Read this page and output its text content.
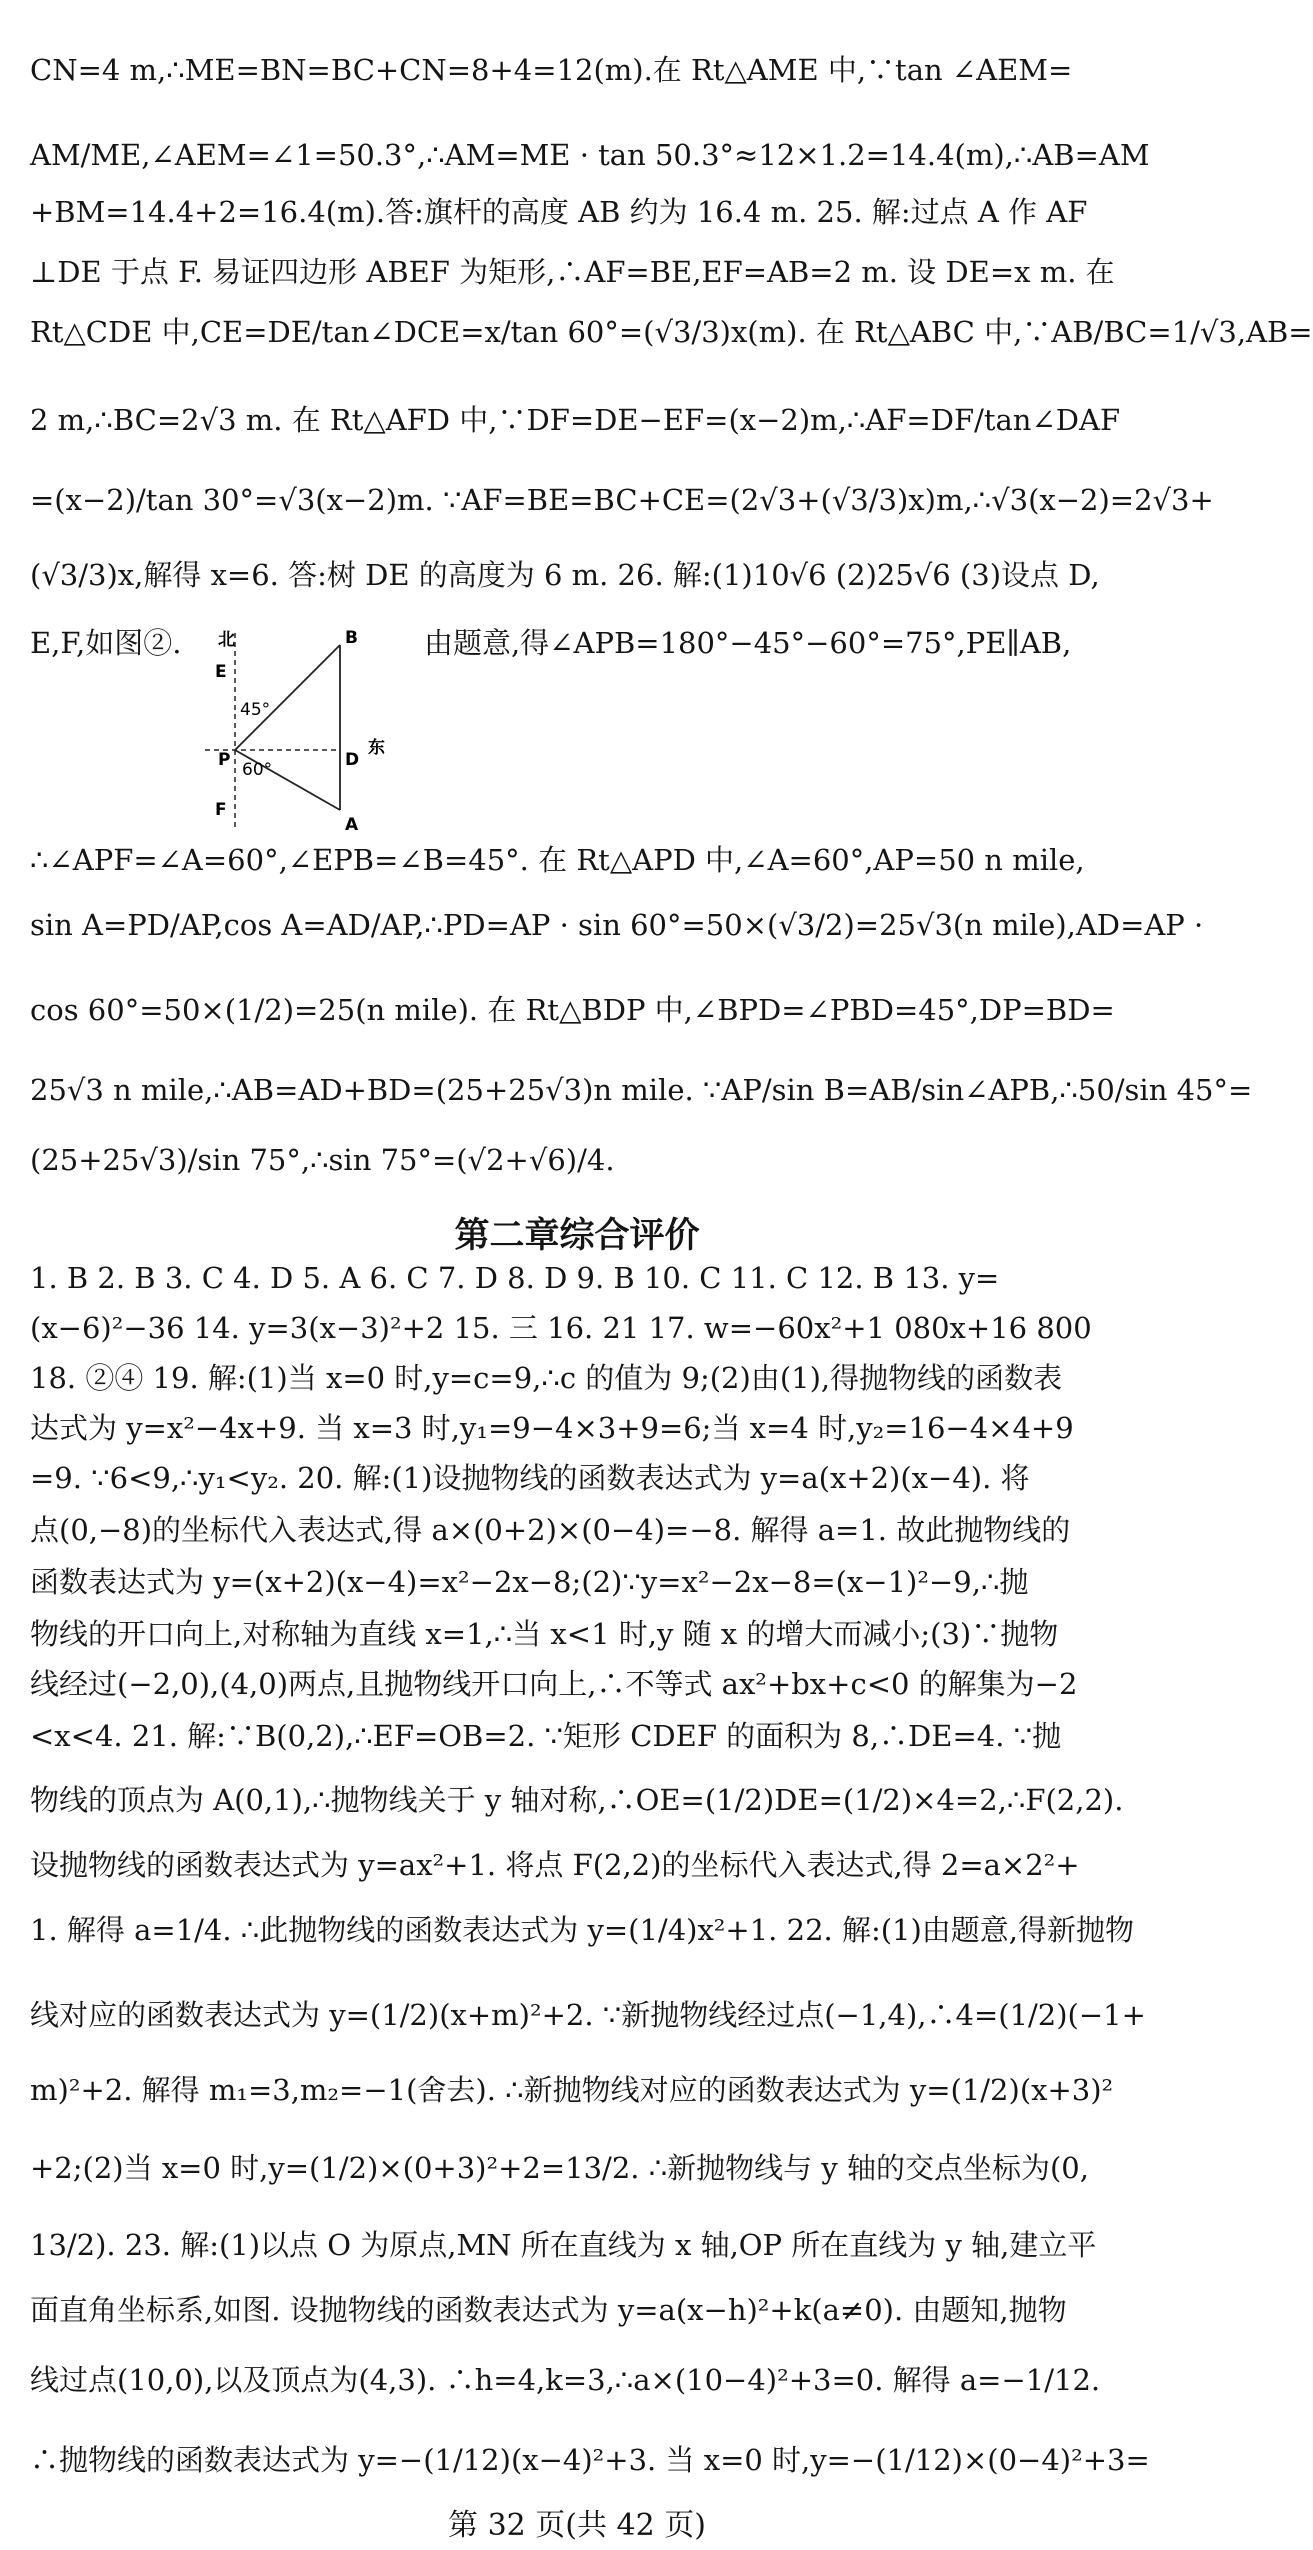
CN=4 m,∴ME=BN=BC+CN=8+4=12(m).在 Rt△AME 中,∵tan ∠AEM=
AM/ME,∠AEM=∠1=50.3°,∴AM=ME · tan 50.3°≈12×1.2=14.4(m),∴AB=AM
+BM=14.4+2=16.4(m).答:旗杆的高度 AB 约为 16.4 m. 25. 解:过点 A 作 AF
⊥DE 于点 F. 易证四边形 ABEF 为矩形,∴AF=BE,EF=AB=2 m. 设 DE=x m. 在
Rt△CDE 中,CE=DE/tan∠DCE=x/tan 60°=(√3/3)x(m). 在 Rt△ABC 中,∵AB/BC=1/√3,AB=
2 m,∴BC=2√3 m. 在 Rt△AFD 中,∵DF=DE−EF=(x−2)m,∴AF=DF/tan∠DAF
=(x−2)/tan 30°=√3(x−2)m. ∵AF=BE=BC+CE=(2√3+(√3/3)x)m,∴√3(x−2)=2√3+
(√3/3)x,解得 x=6. 答:树 DE 的高度为 6 m. 26. 解:(1)10√6 (2)25√6 (3)设点 D,
E,F,如图②.	由题意,得∠APB=180°−45°−60°=75°,PE∥AB,
北
E
B
45°
P 60°	D
东
F
A
∴∠APF=∠A=60°,∠EPB=∠B=45°. 在 Rt△APD 中,∠A=60°,AP=50 n mile,
sin A=PD/AP,cos A=AD/AP,∴PD=AP · sin 60°=50×(√3/2)=25√3(n mile),AD=AP ·
cos 60°=50×(1/2)=25(n mile). 在 Rt△BDP 中,∠BPD=∠PBD=45°,DP=BD=
25√3 n mile,∴AB=AD+BD=(25+25√3)n mile. ∵AP/sin B=AB/sin∠APB,∴50/sin 45°=
(25+25√3)/sin 75°,∴sin 75°=(√2+√6)/4.
第二章综合评价
1. B 2. B 3. C 4. D 5. A 6. C 7. D 8. D 9. B 10. C 11. C 12. B 13. y=
(x−6)²−36 14. y=3(x−3)²+2 15. 三 16. 21 17. w=−60x²+1 080x+16 800
18. ②④ 19. 解:(1)当 x=0 时,y=c=9,∴c 的值为 9;(2)由(1),得抛物线的函数表
达式为 y=x²−4x+9. 当 x=3 时,y₁=9−4×3+9=6;当 x=4 时,y₂=16−4×4+9
=9. ∵6<9,∴y₁<y₂. 20. 解:(1)设抛物线的函数表达式为 y=a(x+2)(x−4). 将
点(0,−8)的坐标代入表达式,得 a×(0+2)×(0−4)=−8. 解得 a=1. 故此抛物线的
函数表达式为 y=(x+2)(x−4)=x²−2x−8;(2)∵y=x²−2x−8=(x−1)²−9,∴抛
物线的开口向上,对称轴为直线 x=1,∴当 x<1 时,y 随 x 的增大而减小;(3)∵抛物
线经过(−2,0),(4,0)两点,且抛物线开口向上,∴不等式 ax²+bx+c<0 的解集为−2
<x<4. 21. 解:∵B(0,2),∴EF=OB=2. ∵矩形 CDEF 的面积为 8,∴DE=4. ∵抛
物线的顶点为 A(0,1),∴抛物线关于 y 轴对称,∴OE=(1/2)DE=(1/2)×4=2,∴F(2,2).
设抛物线的函数表达式为 y=ax²+1. 将点 F(2,2)的坐标代入表达式,得 2=a×2²+
1. 解得 a=1/4. ∴此抛物线的函数表达式为 y=(1/4)x²+1. 22. 解:(1)由题意,得新抛物
线对应的函数表达式为 y=(1/2)(x+m)²+2. ∵新抛物线经过点(−1,4),∴4=(1/2)(−1+
m)²+2. 解得 m₁=3,m₂=−1(舍去). ∴新抛物线对应的函数表达式为 y=(1/2)(x+3)²
+2;(2)当 x=0 时,y=(1/2)×(0+3)²+2=13/2. ∴新抛物线与 y 轴的交点坐标为(0,
13/2). 23. 解:(1)以点 O 为原点,MN 所在直线为 x 轴,OP 所在直线为 y 轴,建立平
面直角坐标系,如图. 设抛物线的函数表达式为 y=a(x−h)²+k(a≠0). 由题知,抛物
线过点(10,0),以及顶点为(4,3). ∴h=4,k=3,∴a×(10−4)²+3=0. 解得 a=−1/12.
∴抛物线的函数表达式为 y=−(1/12)(x−4)²+3. 当 x=0 时,y=−(1/12)×(0−4)²+3=
第 32 页(共 42 页)
